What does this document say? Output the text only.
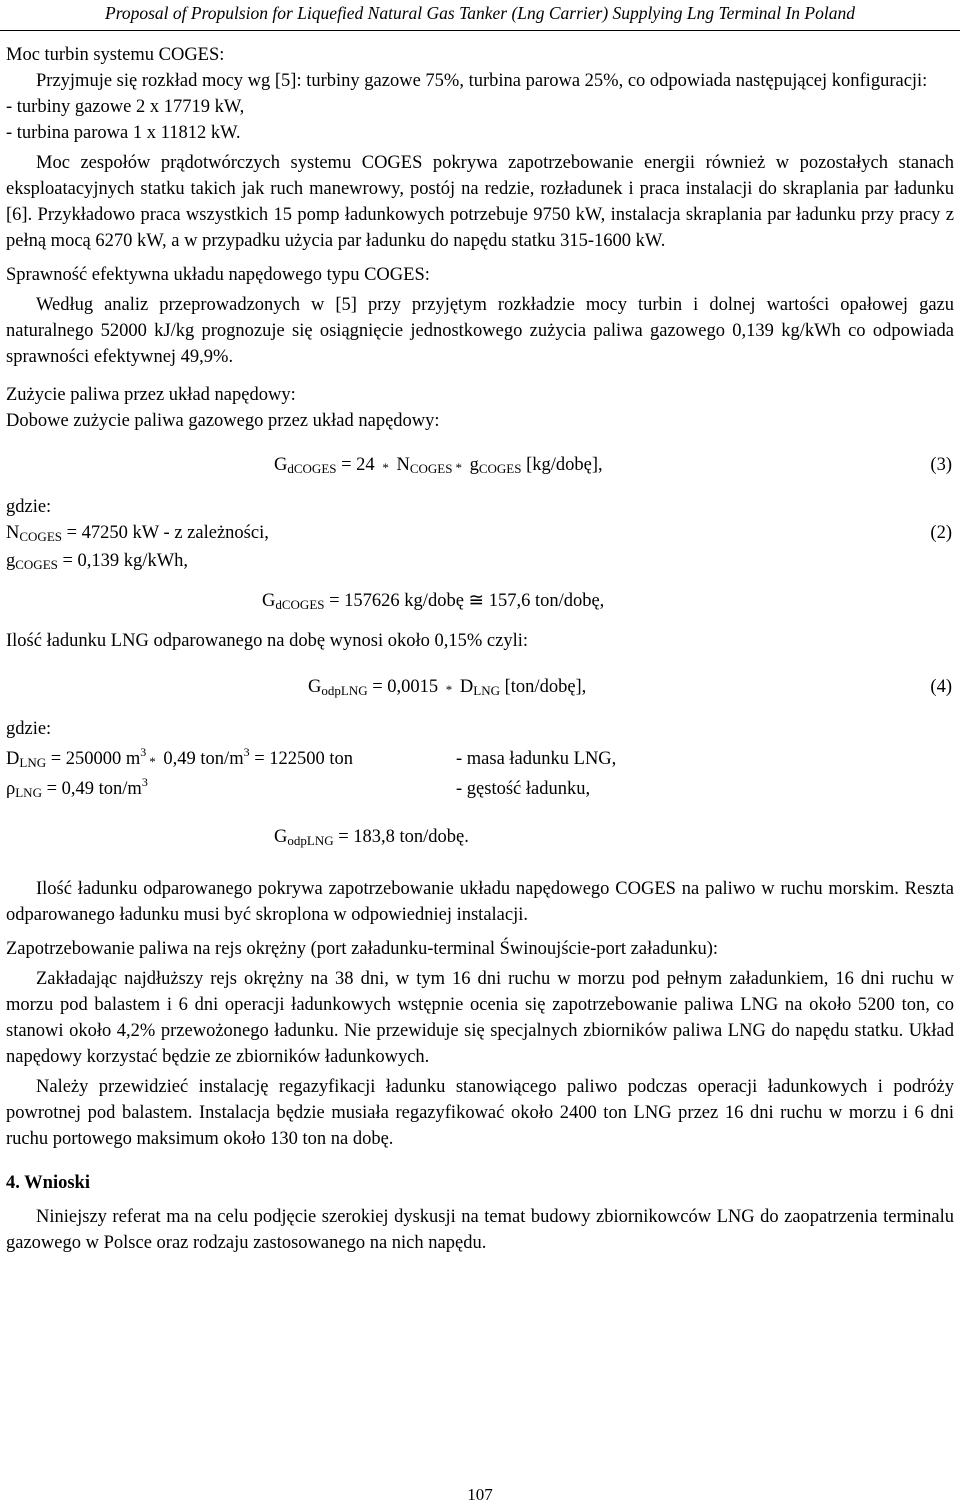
Proposal of Propulsion for Liquefied Natural Gas Tanker (Lng Carrier) Supplying Lng Terminal In Poland

Moc turbin systemu COGES:

Przyjmuje się rozkład mocy wg [5]: turbiny gazowe 75%, turbina parowa 25%, co odpowiada następującej konfiguracji:

- turbiny gazowe 2 x 17719 kW,

- turbina parowa 1 x 11812 kW.

Moc zespołów prądotwórczych systemu COGES pokrywa zapotrzebowanie energii również w pozostałych stanach eksploatacyjnych statku takich jak ruch manewrowy, postój na redzie, rozładunek i praca instalacji do skraplania par ładunku [6]. Przykładowo praca wszystkich 15 pomp ładunkowych potrzebuje 9750 kW, instalacja skraplania par ładunku przy pracy z pełną mocą 6270 kW, a w przypadku użycia par ładunku do napędu statku 315-1600 kW.

Sprawność efektywna układu napędowego typu COGES:

Według analiz przeprowadzonych w [5] przy przyjętym rozkładzie mocy turbin i dolnej wartości opałowej gazu naturalnego 52000 kJ/kg prognozuje się osiągnięcie jednostkowego zużycia paliwa gazowego 0,139 kg/kWh co odpowiada sprawności efektywnej 49,9%.

Zużycie paliwa przez układ napędowy:

Dobowe zużycie paliwa gazowego przez układ napędowy:

$G_{dCOGES} = 24 * N_{COGES} * g_{COGES}$ [kg/dobę],	(3)

gdzie:

$N_{COGES} = 47250$ kW - z zależności,	(2)

$g_{COGES} = 0,139$ kg/kWh,

$G_{dCOGES} = 157626$ kg/dobę ≅ 157,6 ton/dobę,

Ilość ładunku LNG odparowanego na dobę wynosi około 0,15% czyli:

$G_{odpLNG} = 0,0015 * D_{LNG}$ [ton/dobę],	(4)

gdzie:

$D_{LNG} = 250000$ $m^3*$ 0,49 ton/$m^3 = 122500$ ton	- masa ładunku LNG,
$\rho_{LNG} = 0,49$ ton/$m^3$	- gęstość ładunku,
$G_{odpLNG} = 183,8$ ton/dobę.

Ilość ładunku odparowanego pokrywa zapotrzebowanie układu napędowego COGES na paliwo w ruchu morskim. Reszta odparowanego ładunku musi być skroplona w odpowiedniej instalacji.

Zapotrzebowanie paliwa na rejs okrężny (port załadunku-terminal Świnoujście-port załadunku):

Zakładając najdłuższy rejs okrężny na 38 dni, w tym 16 dni ruchu w morzu pod pełnym załadunkiem, 16 dni ruchu w morzu pod balastem i 6 dni operacji ładunkowych wstępnie ocenia się zapotrzebowanie paliwa LNG na około 5200 ton, co stanowi około 4,2% przewożonego ładunku. Nie przewiduje się specjalnych zbiorników paliwa LNG do napędu statku. Układ napędowy korzystać będzie ze zbiorników ładunkowych.

Należy przewidzieć instalację regazyfikacji ładunku stanowiącego paliwo podczas operacji ładunkowych i podróży powrotnej pod balastem. Instalacja będzie musiała regazyfikować około 2400 ton LNG przez 16 dni ruchu w morzu i 6 dni ruchu portowego maksimum około 130 ton na dobę.

4. Wnioski

Niniejszy referat ma na celu podjęcie szerokiej dyskusji na temat budowy zbiornikowców LNG do zaopatrzenia terminalu gazowego w Polsce oraz rodzaju zastosowanego na nich napędu.

107
